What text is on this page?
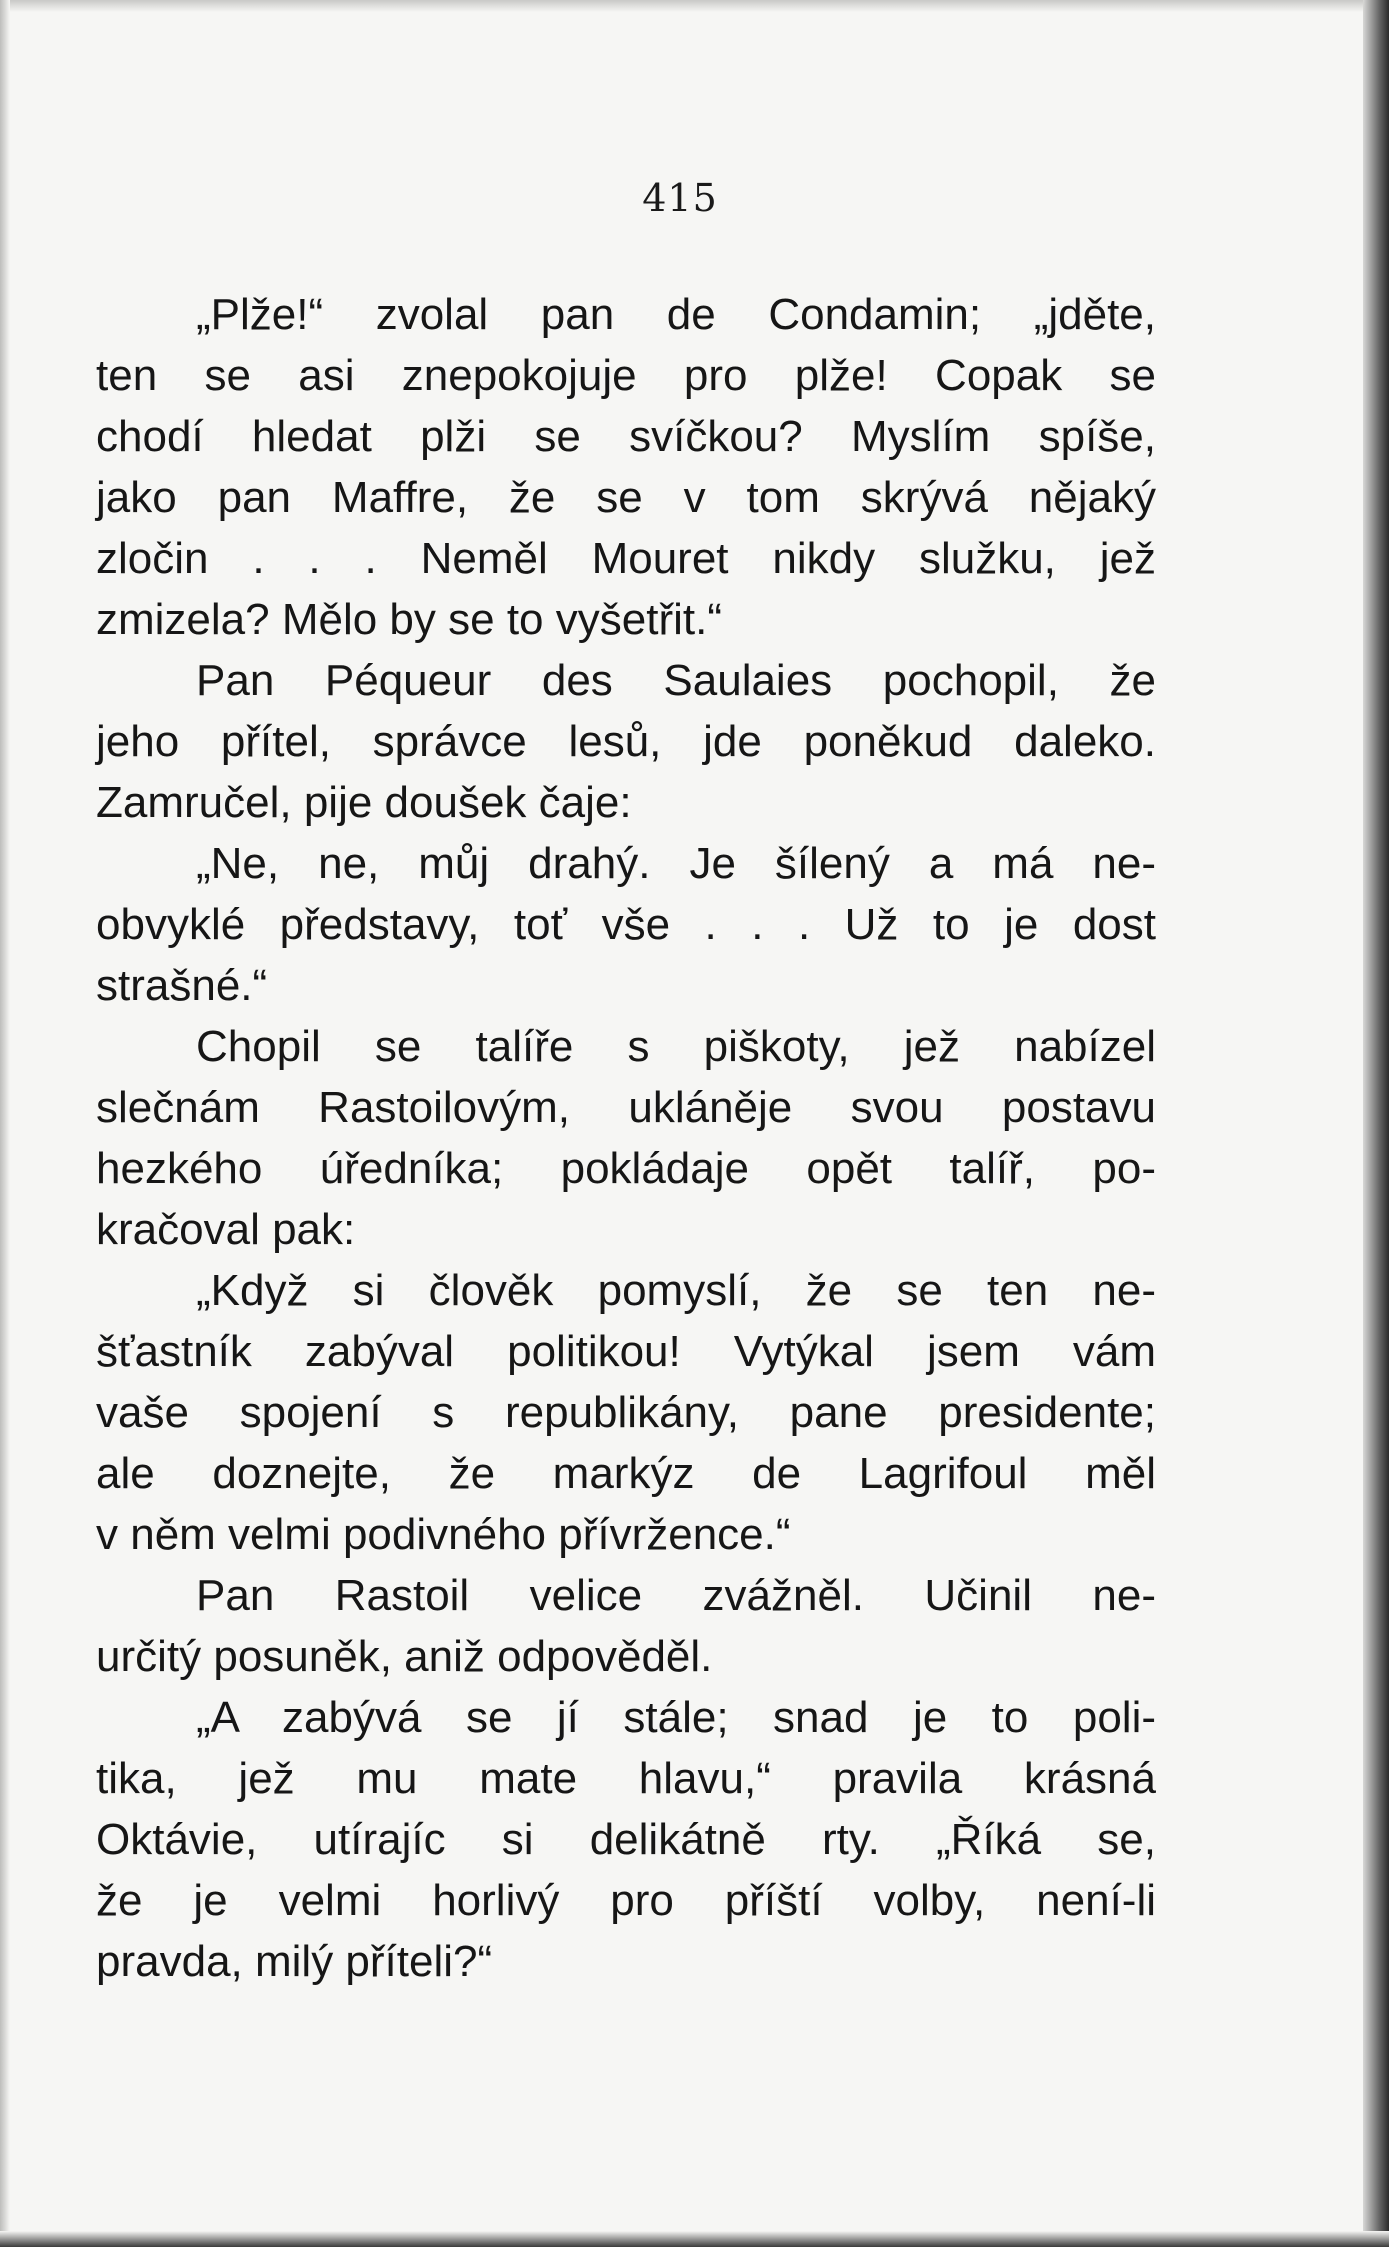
415
„Plže!“ zvolal pan de Condamin; „jděte,
ten se asi znepokojuje pro plže! Copak se
chodí hledat plži se svíčkou? Myslím spíše,
jako pan Maffre, že se v tom skrývá nějaký
zločin . . . Neměl Mouret nikdy služku, jež
zmizela? Mělo by se to vyšetřit.“
Pan Péqueur des Saulaies pochopil, že
jeho přítel, správce lesů, jde poněkud daleko.
Zamručel, pije doušek čaje:
„Ne, ne, můj drahý. Je šílený a má ne-
obvyklé představy, toť vše . . . Už to je dost
strašné.“
Chopil se talíře s piškoty, jež nabízel
slečnám Rastoilovým, ukláněje svou postavu
hezkého úředníka; pokládaje opět talíř, po-
kračoval pak:
„Když si člověk pomyslí, že se ten ne-
šťastník zabýval politikou! Vytýkal jsem vám
vaše spojení s republikány, pane presidente;
ale doznejte, že markýz de Lagrifoul měl
v něm velmi podivného přívržence.“
Pan Rastoil velice zvážněl. Učinil ne-
určitý posuněk, aniž odpověděl.
„A zabývá se jí stále; snad je to poli-
tika, jež mu mate hlavu,“ pravila krásná
Oktávie, utírajíc si delikátně rty. „Říká se,
že je velmi horlivý pro příští volby, není-li
pravda, milý příteli?“
